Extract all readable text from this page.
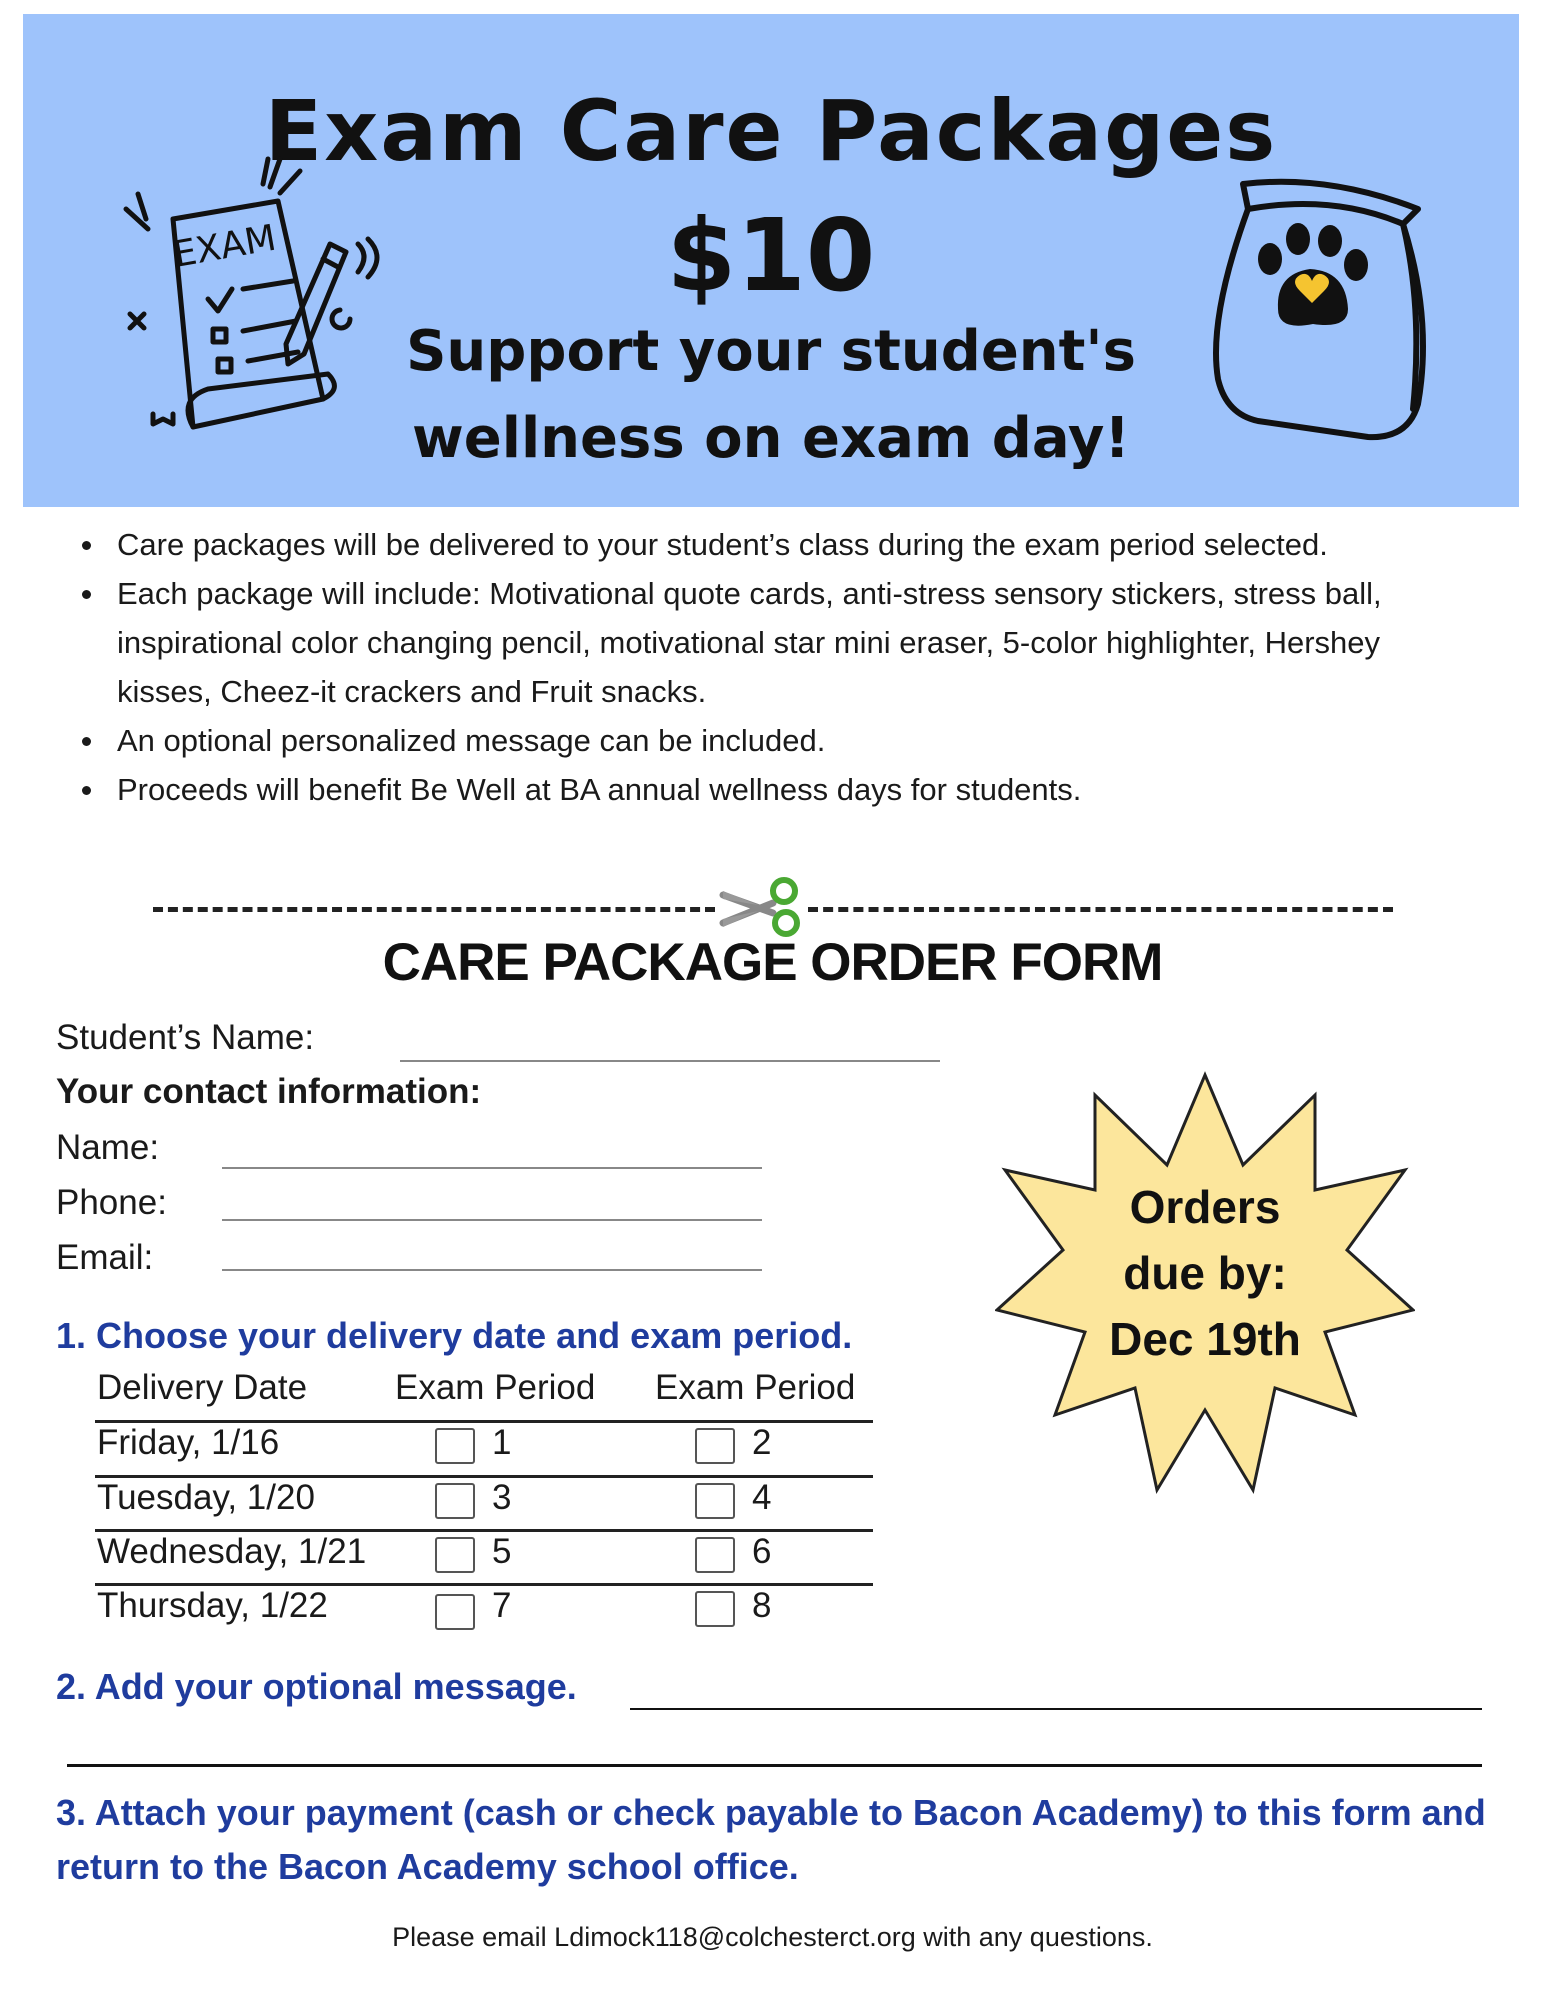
Exam Care Packages
$10
Support your student's
wellness on exam day!
EXAM
Care packages will be delivered to your student’s class during the exam period selected.
Each package will include: Motivational quote cards, anti-stress sensory stickers, stress ball, inspirational color changing pencil, motivational star mini eraser, 5-color highlighter, Hershey kisses, Cheez-it crackers and Fruit snacks.
An optional personalized message can be included.
Proceeds will benefit Be Well at BA annual wellness days for students.
CARE PACKAGE ORDER FORM
Student’s Name:
Your contact information:
Name:
Phone:
Email:
Orders
due by:
Dec 19th
1. Choose your delivery date and exam period.
Delivery Date	Exam Period Exam Period
Friday, 1/16	1	2
Tuesday, 1/20	3	4
Wednesday, 1/21	5	6
Thursday, 1/22	7	8
2. Add your optional message.
3. Attach your payment (cash or check payable to Bacon Academy) to this form and return to the Bacon Academy school office.
Please email Ldimock118@colchesterct.org with any questions.
